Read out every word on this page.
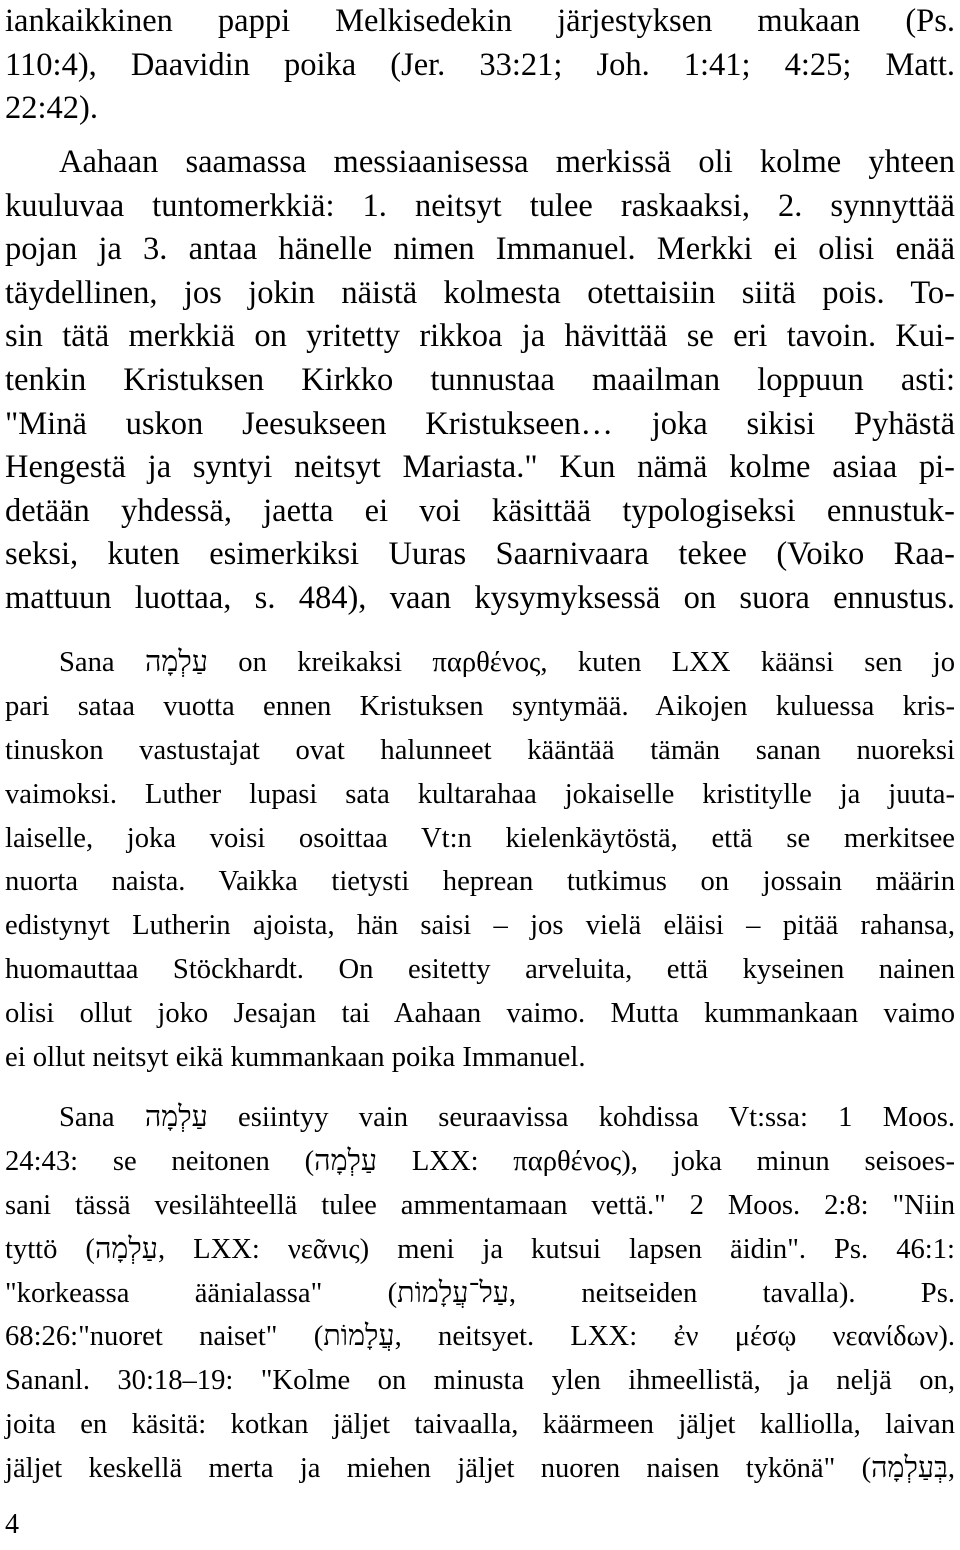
iankaikkinen pappi Melkisedekin järjestyksen mukaan (Ps.
110:4), Daavidin poika (Jer. 33:21; Joh. 1:41; 4:25; Matt.
22:42).
Aahaan saamassa messiaanisessa merkissä oli kolme yhteen
kuuluvaa tuntomerkkiä: 1. neitsyt tulee raskaaksi, 2. synnyttää
pojan ja 3. antaa hänelle nimen Immanuel. Merkki ei olisi enää
täydellinen, jos jokin näistä kolmesta otettaisiin siitä pois. To-
sin tätä merkkiä on yritetty rikkoa ja hävittää se eri tavoin. Kui-
tenkin Kristuksen Kirkko tunnustaa maailman loppuun asti:
"Minä uskon Jeesukseen Kristukseen… joka sikisi Pyhästä
Hengestä ja syntyi neitsyt Mariasta." Kun nämä kolme asiaa pi-
detään yhdessä, jaetta ei voi käsittää typologiseksi ennustuk-
seksi, kuten esimerkiksi Uuras Saarnivaara tekee (Voiko Raa-
mattuun luottaa, s. 484), vaan kysymyksessä on suora ennustus.
Sana עַלְמָה on kreikaksi παρθένος, kuten LXX käänsi sen jo
pari sataa vuotta ennen Kristuksen syntymää. Aikojen kuluessa kris-
tinuskon vastustajat ovat halunneet kääntää tämän sanan nuoreksi
vaimoksi. Luther lupasi sata kultarahaa jokaiselle kristitylle ja juuta-
laiselle, joka voisi osoittaa Vt:n kielenkäytöstä, että se merkitsee
nuorta naista. Vaikka tietysti heprean tutkimus on jossain määrin
edistynyt Lutherin ajoista, hän saisi – jos vielä eläisi – pitää rahansa,
huomauttaa Stöckhardt. On esitetty arveluita, että kyseinen nainen
olisi ollut joko Jesajan tai Aahaan vaimo. Mutta kummankaan vaimo
ei ollut neitsyt eikä kummankaan poika Immanuel.
Sana עַלְמָה esiintyy vain seuraavissa kohdissa Vt:ssa: 1 Moos.
24:43: se neitonen (עַלְמָה LXX: παρθένος), joka minun seisoes-
sani tässä vesilähteellä tulee ammentamaan vettä." 2 Moos. 2:8: "Niin
tyttö (עַלְמָה, LXX: νεᾶνις) meni ja kutsui lapsen äidin". Ps. 46:1:
"korkeassa äänialassa" (עַל־עֲלָמוֹת, neitseiden tavalla). Ps.
68:26:"nuoret naiset" (עֲלָמוֹת, neitsyet. LXX: ἐν μέσῳ νεανίδων).
Sananl. 30:18–19: "Kolme on minusta ylen ihmeellistä, ja neljä on,
joita en käsitä: kotkan jäljet taivaalla, käärmeen jäljet kalliolla, laivan
jäljet keskellä merta ja miehen jäljet nuoren naisen tykönä" (בְּעַלְמָה,
4
